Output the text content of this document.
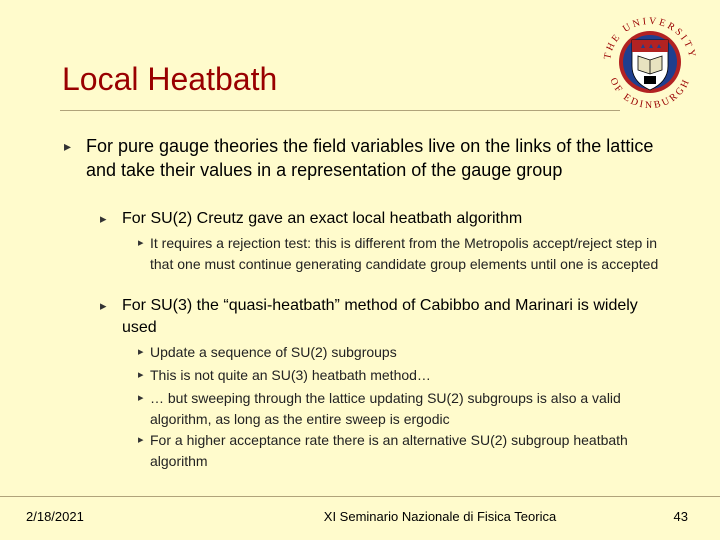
Local Heatbath
THE UNIVERSITY
OF EDINBURGH
▸ For pure gauge theories the field variables live on the links of the lattice and take their values in a representation of the gauge group
▸ For SU(2) Creutz gave an exact local heatbath algorithm
▸ It requires a rejection test: this is different from the Metropolis accept/reject step in that one must continue generating candidate group elements until one is accepted
▸ For SU(3) the “quasi-heatbath” method of Cabibbo and Marinari is widely used
▸ Update a sequence of SU(2) subgroups
▸ This is not quite an SU(3) heatbath method…
▸ … but sweeping through the lattice updating SU(2) subgroups is also a valid algorithm, as long as the entire sweep is ergodic
▸ For a higher acceptance rate there is an alternative SU(2) subgroup heatbath algorithm
2/18/2021	XI Seminario Nazionale di Fisica Teorica	43
